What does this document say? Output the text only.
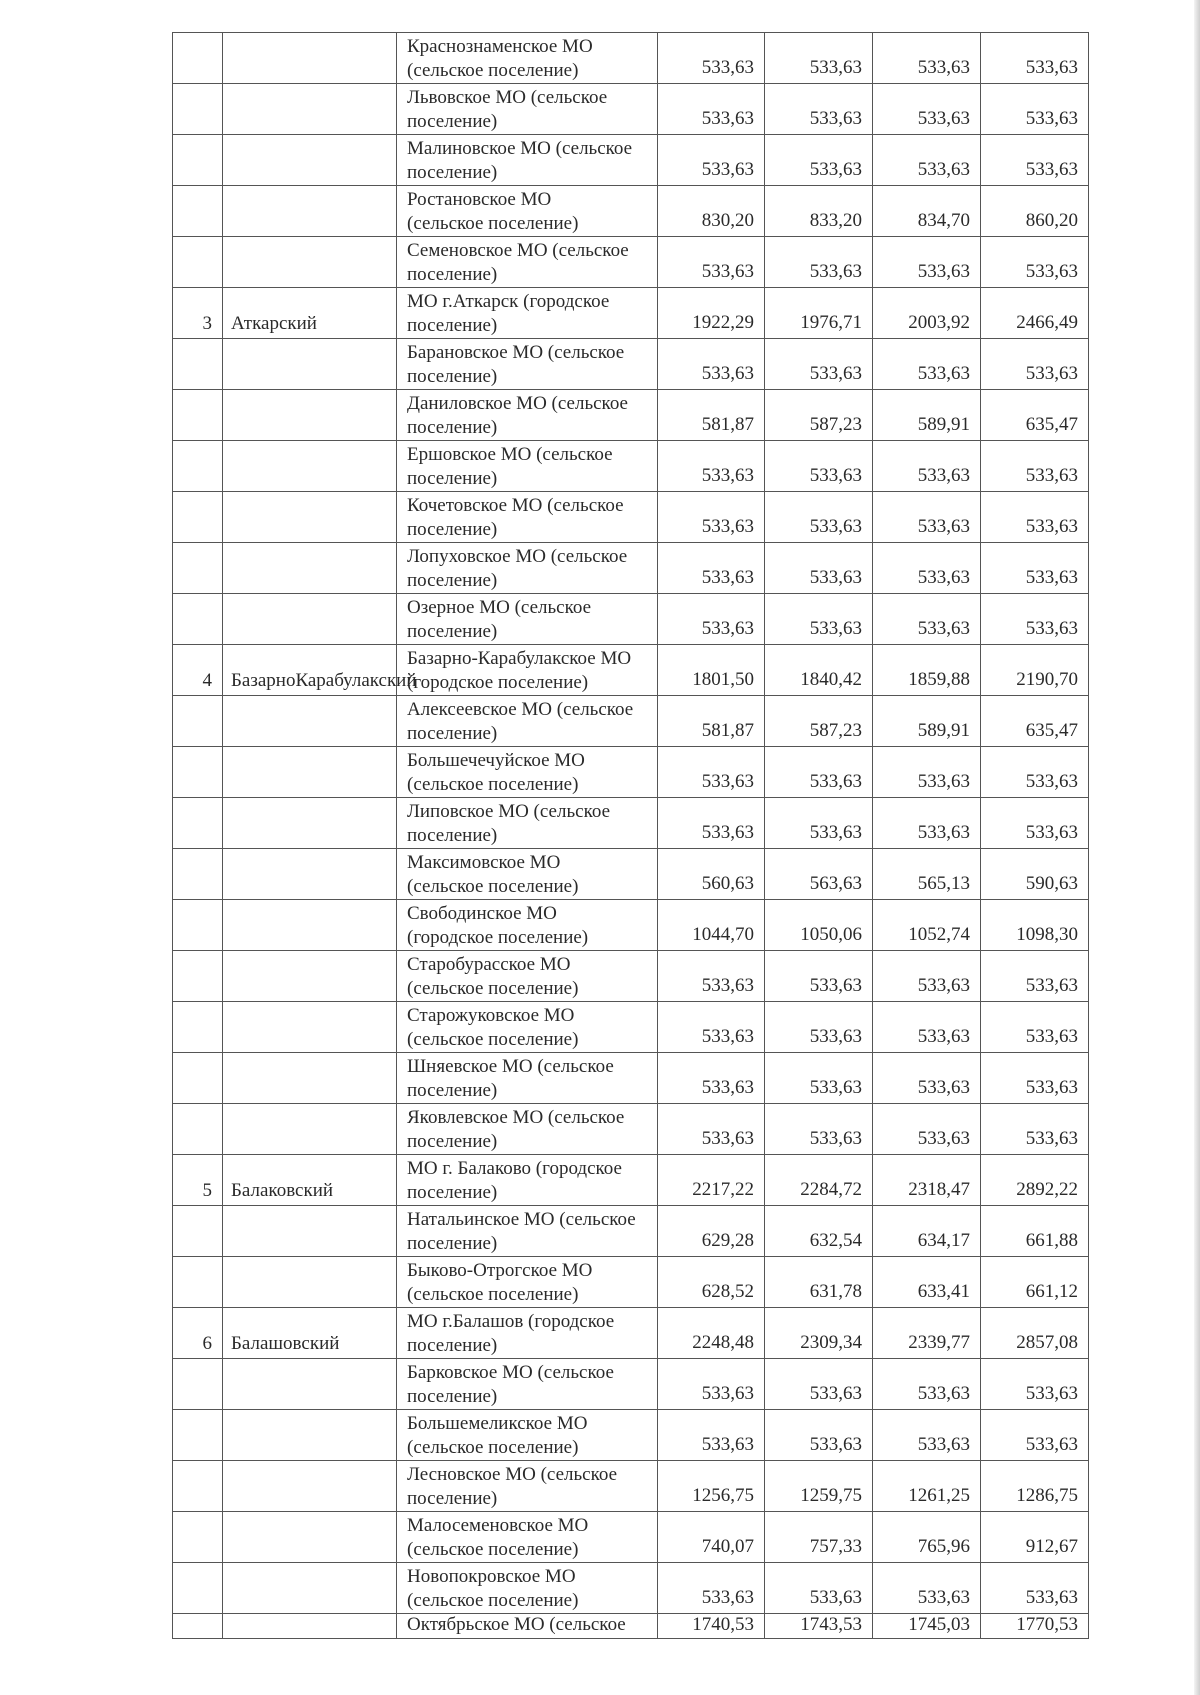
		Краснознаменское МО
(сельское поселение)	533,63	533,63	533,63	533,63

		Львовское МО (сельское
поселение)	533,63	533,63	533,63	533,63

		Малиновское МО (сельское
поселение)	533,63	533,63	533,63	533,63

		Ростановское МО
(сельское поселение)	830,20	833,20	834,70	860,20

		Семеновское МО (сельское
поселение)	533,63	533,63	533,63	533,63
3	Аткарский	МО г.Аткарск (городское
поселение)	1922,29	1976,71	2003,92	2466,49

		Барановское МО (сельское
поселение)	533,63	533,63	533,63	533,63

		Даниловское МО (сельское
поселение)	581,87	587,23	589,91	635,47

		Ершовское МО (сельское
поселение)	533,63	533,63	533,63	533,63

		Кочетовское МО (сельское
поселение)	533,63	533,63	533,63	533,63

		Лопуховское МО (сельское
поселение)	533,63	533,63	533,63	533,63

		Озерное МО (сельское
поселение)	533,63	533,63	533,63	533,63
4	БазарноКарабулакский	Базарно-Карабулакское МО
(городское поселение)	1801,50	1840,42	1859,88	2190,70

		Алексеевское МО (сельское
поселение)	581,87	587,23	589,91	635,47

		Большечечуйское МО
(сельское поселение)	533,63	533,63	533,63	533,63

		Липовское МО (сельское
поселение)	533,63	533,63	533,63	533,63

		Максимовское МО
(сельское поселение)	560,63	563,63	565,13	590,63

		Свободинское МО
(городское поселение)	1044,70	1050,06	1052,74	1098,30

		Старобурасское МО
(сельское поселение)	533,63	533,63	533,63	533,63

		Старожуковское МО
(сельское поселение)	533,63	533,63	533,63	533,63

		Шняевское МО (сельское
поселение)	533,63	533,63	533,63	533,63

		Яковлевское МО (сельское
поселение)	533,63	533,63	533,63	533,63
5	Балаковский	МО г. Балаково (городское
поселение)	2217,22	2284,72	2318,47	2892,22

		Натальинское МО (сельское
поселение)	629,28	632,54	634,17	661,88

		Быково-Отрогское МО
(сельское поселение)	628,52	631,78	633,41	661,12
6	Балашовский	МО г.Балашов (городское
поселение)	2248,48	2309,34	2339,77	2857,08

		Барковское МО (сельское
поселение)	533,63	533,63	533,63	533,63

		Большемеликское МО
(сельское поселение)	533,63	533,63	533,63	533,63

		Лесновское МО (сельское
поселение)	1256,75	1259,75	1261,25	1286,75

		Малосеменовское МО
(сельское поселение)	740,07	757,33	765,96	912,67

		Новопокровское МО
(сельское поселение)	533,63	533,63	533,63	533,63

		Октябрьское МО (сельское	1740,53	1743,53	1745,03	1770,53
